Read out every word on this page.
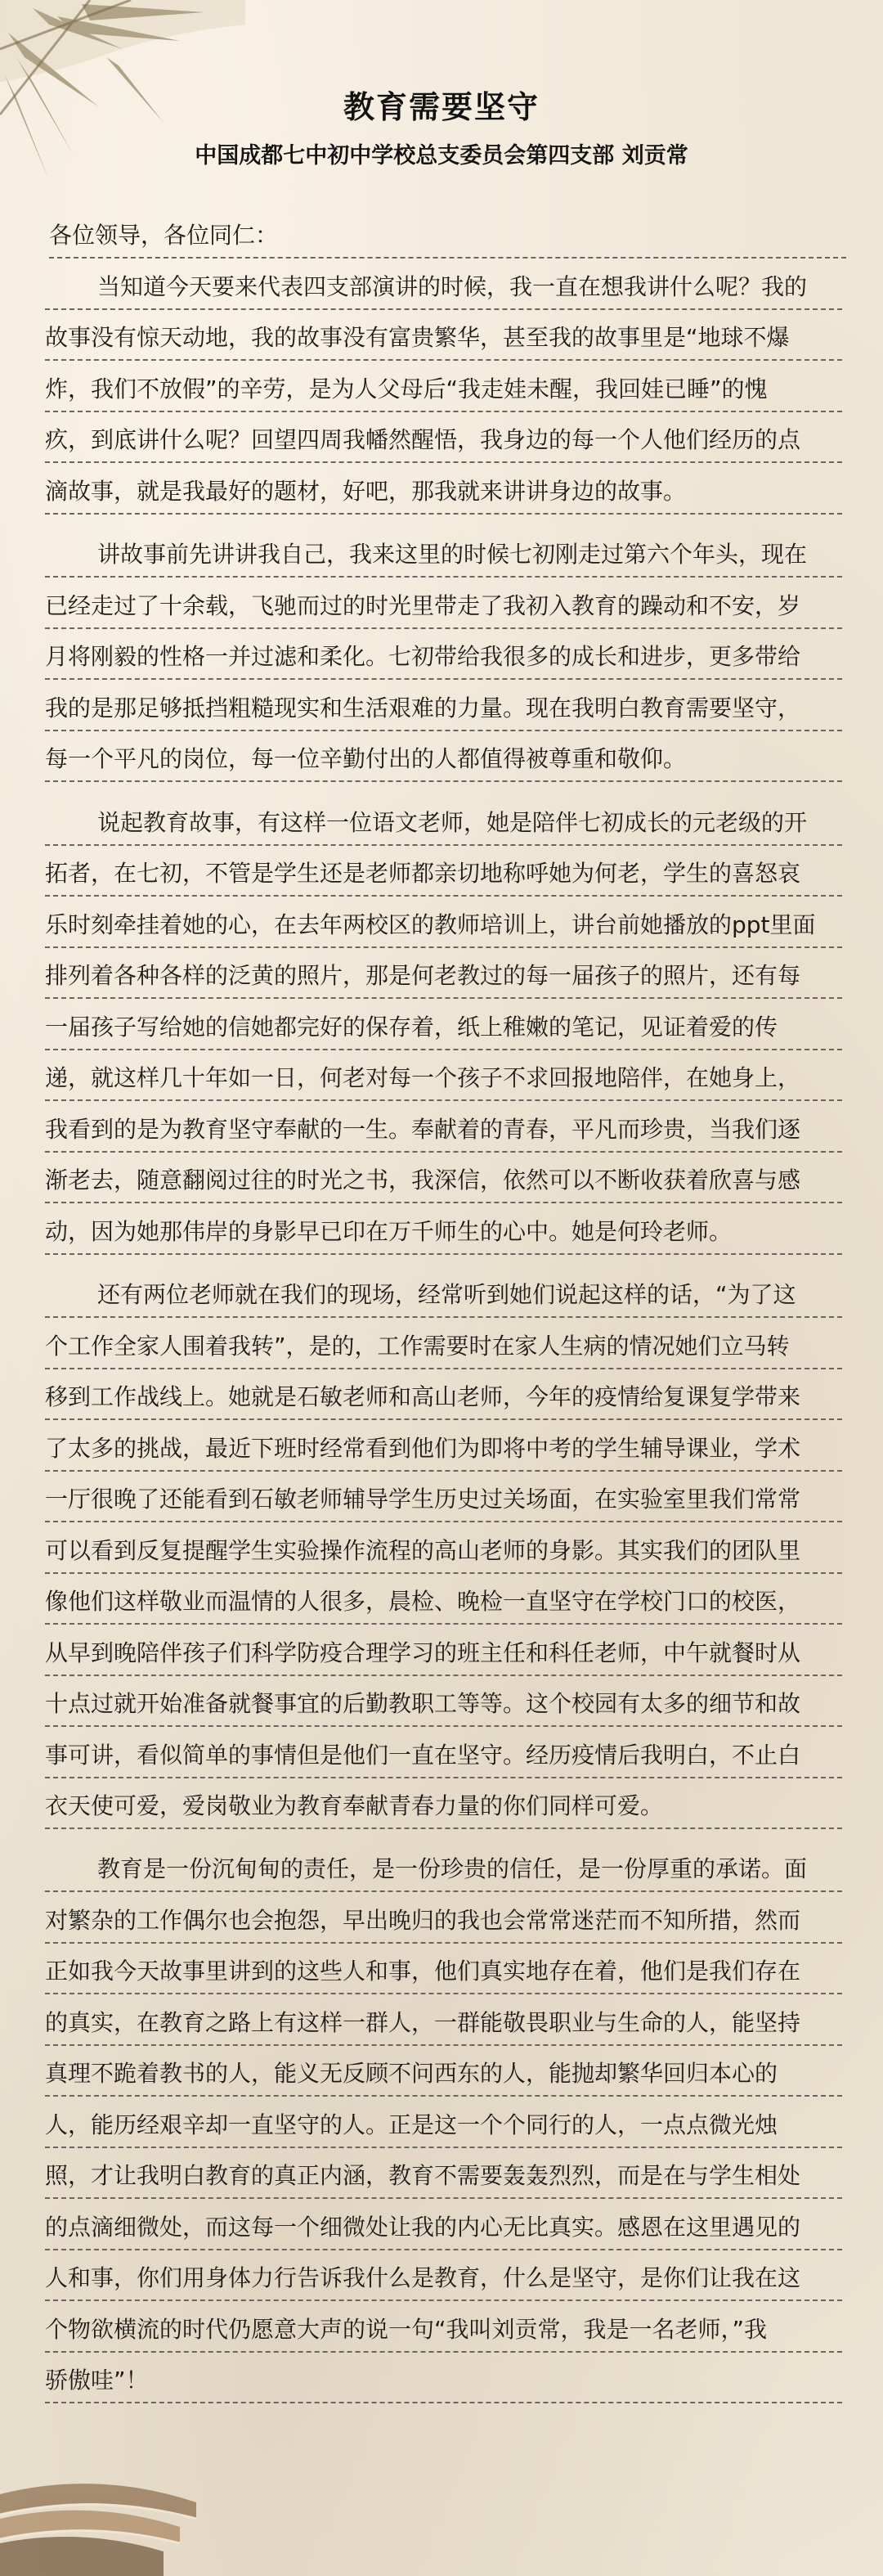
教育需要坚守
中国成都七中初中学校总支委员会第四支部 刘贡常
各位领导，各位同仁：
当知道今天要来代表四支部演讲的时候，我一直在想我讲什么呢？我的
故事没有惊天动地，我的故事没有富贵繁华，甚至我的故事里是“地球不爆
炸，我们不放假”的辛劳，是为人父母后“我走娃未醒，我回娃已睡”的愧
疚，到底讲什么呢？回望四周我幡然醒悟，我身边的每一个人他们经历的点
滴故事，就是我最好的题材，好吧，那我就来讲讲身边的故事。
讲故事前先讲讲我自己，我来这里的时候七初刚走过第六个年头，现在
已经走过了十余载，飞驰而过的时光里带走了我初入教育的躁动和不安，岁
月将刚毅的性格一并过滤和柔化。七初带给我很多的成长和进步，更多带给
我的是那足够抵挡粗糙现实和生活艰难的力量。现在我明白教育需要坚守，
每一个平凡的岗位，每一位辛勤付出的人都值得被尊重和敬仰。
说起教育故事，有这样一位语文老师，她是陪伴七初成长的元老级的开
拓者，在七初，不管是学生还是老师都亲切地称呼她为何老，学生的喜怒哀
乐时刻牵挂着她的心，在去年两校区的教师培训上，讲台前她播放的ppt里面
排列着各种各样的泛黄的照片，那是何老教过的每一届孩子的照片，还有每
一届孩子写给她的信她都完好的保存着，纸上稚嫩的笔记，见证着爱的传
递，就这样几十年如一日，何老对每一个孩子不求回报地陪伴，在她身上，
我看到的是为教育坚守奉献的一生。奉献着的青春，平凡而珍贵，当我们逐
渐老去，随意翻阅过往的时光之书，我深信，依然可以不断收获着欣喜与感
动，因为她那伟岸的身影早已印在万千师生的心中。她是何玲老师。
还有两位老师就在我们的现场，经常听到她们说起这样的话，“为了这
个工作全家人围着我转”，是的，工作需要时在家人生病的情况她们立马转
移到工作战线上。她就是石敏老师和高山老师，今年的疫情给复课复学带来
了太多的挑战，最近下班时经常看到他们为即将中考的学生辅导课业，学术
一厅很晚了还能看到石敏老师辅导学生历史过关场面，在实验室里我们常常
可以看到反复提醒学生实验操作流程的高山老师的身影。其实我们的团队里
像他们这样敬业而温情的人很多，晨检、晚检一直坚守在学校门口的校医，
从早到晚陪伴孩子们科学防疫合理学习的班主任和科任老师，中午就餐时从
十点过就开始准备就餐事宜的后勤教职工等等。这个校园有太多的细节和故
事可讲，看似简单的事情但是他们一直在坚守。经历疫情后我明白，不止白
衣天使可爱，爱岗敬业为教育奉献青春力量的你们同样可爱。
教育是一份沉甸甸的责任，是一份珍贵的信任，是一份厚重的承诺。面
对繁杂的工作偶尔也会抱怨，早出晚归的我也会常常迷茫而不知所措，然而
正如我今天故事里讲到的这些人和事，他们真实地存在着，他们是我们存在
的真实，在教育之路上有这样一群人，一群能敬畏职业与生命的人，能坚持
真理不跪着教书的人，能义无反顾不问西东的人，能抛却繁华回归本心的
人，能历经艰辛却一直坚守的人。正是这一个个同行的人，一点点微光烛
照，才让我明白教育的真正内涵，教育不需要轰轰烈烈，而是在与学生相处
的点滴细微处，而这每一个细微处让我的内心无比真实。感恩在这里遇见的
人和事，你们用身体力行告诉我什么是教育，什么是坚守，是你们让我在这
个物欲横流的时代仍愿意大声的说一句“我叫刘贡常，我是一名老师，”我
骄傲哇”！
